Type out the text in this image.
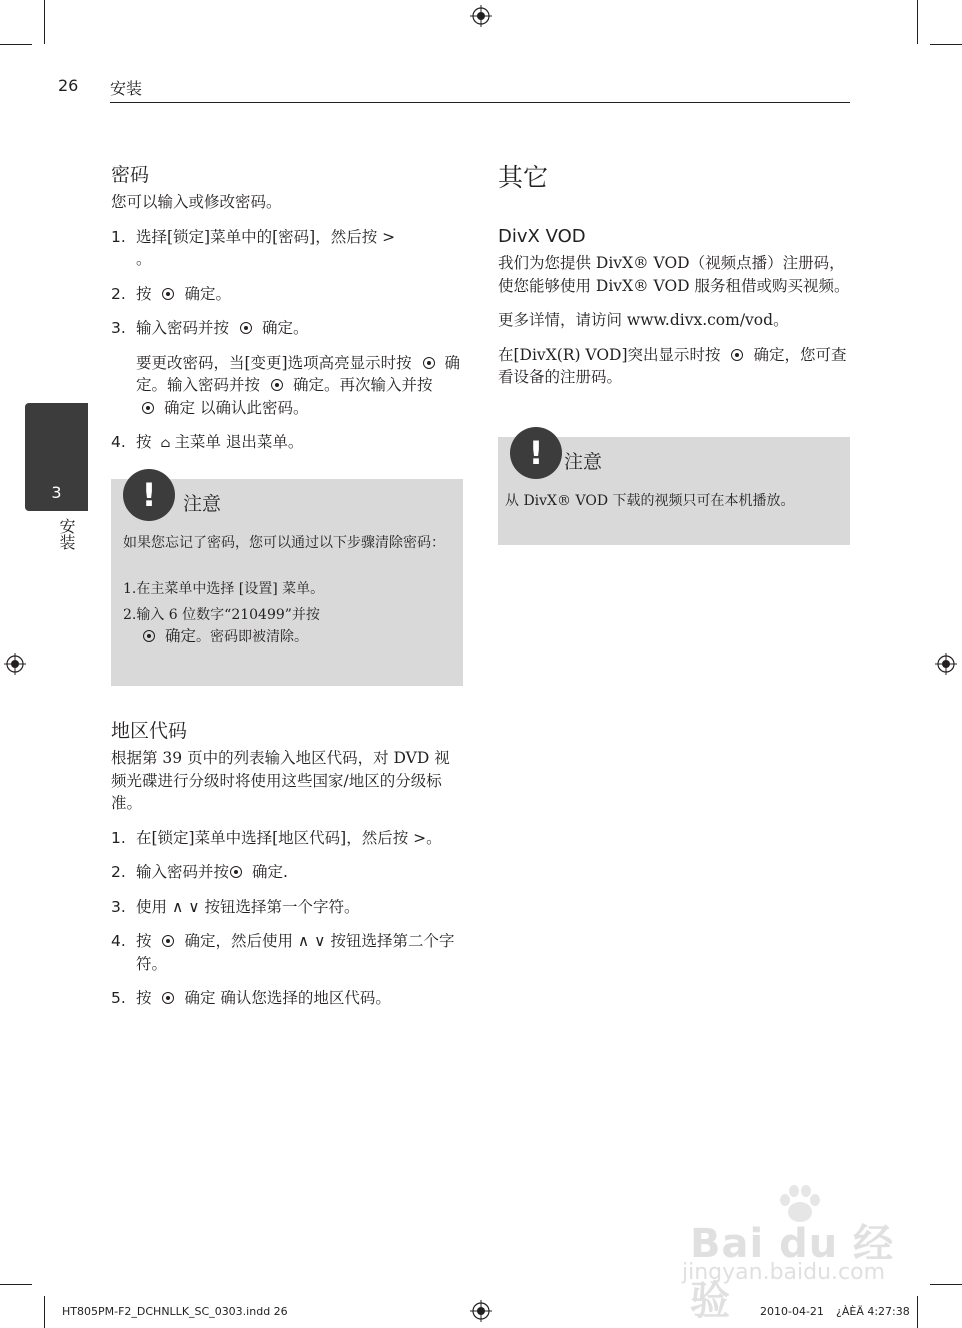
26 安装
3
安装
密码

您可以输入或修改密码。

1. 选择[锁定]菜单中的[密码]，然后按 >
。
2. 按 确定。
3. 输入密码并按 确定。

要更改密码，当[变更]选项高亮显示时按 确定。输入密码并按 确定。再次输入并按 确定 以确认此密码。

4. 按 ⌂ 主菜单 退出菜单。
!	注意
如果您忘记了密码，您可以通过以下步骤清除密码：
1.在主菜单中选择 [设置] 菜单。
2.输入 6 位数字“210499”并按
确定。密码即被清除。
地区代码

根据第 39 页中的列表输入地区代码，对 DVD 视频光碟进行分级时将使用这些国家/地区的分级标准。

1. 在[锁定]菜单中选择[地区代码]，然后按 >。
2. 输入密码并按 确定.
3. 使用 ∧ ∨ 按钮选择第一个字符。
4. 按 确定，然后使用 ∧ ∨ 按钮选择第二个字符。
5. 按 确定 确认您选择的地区代码。
其它
DivX VOD

我们为您提供 DivX® VOD（视频点播）注册码，使您能够使用 DivX® VOD 服务租借或购买视频。

更多详情，请访问 www.divx.com/vod。

在[DivX(R) VOD]突出显示时按 确定，您可查看设备的注册码。

!	注意
从 DivX® VOD 下载的视频只可在本机播放。
Bai du 经验
jingyan.baidu.com
HT805PM-F2_DCHNLLK_SC_0303.indd 26	2010-04-21 ¿ÀÈÄ 4:27:38
